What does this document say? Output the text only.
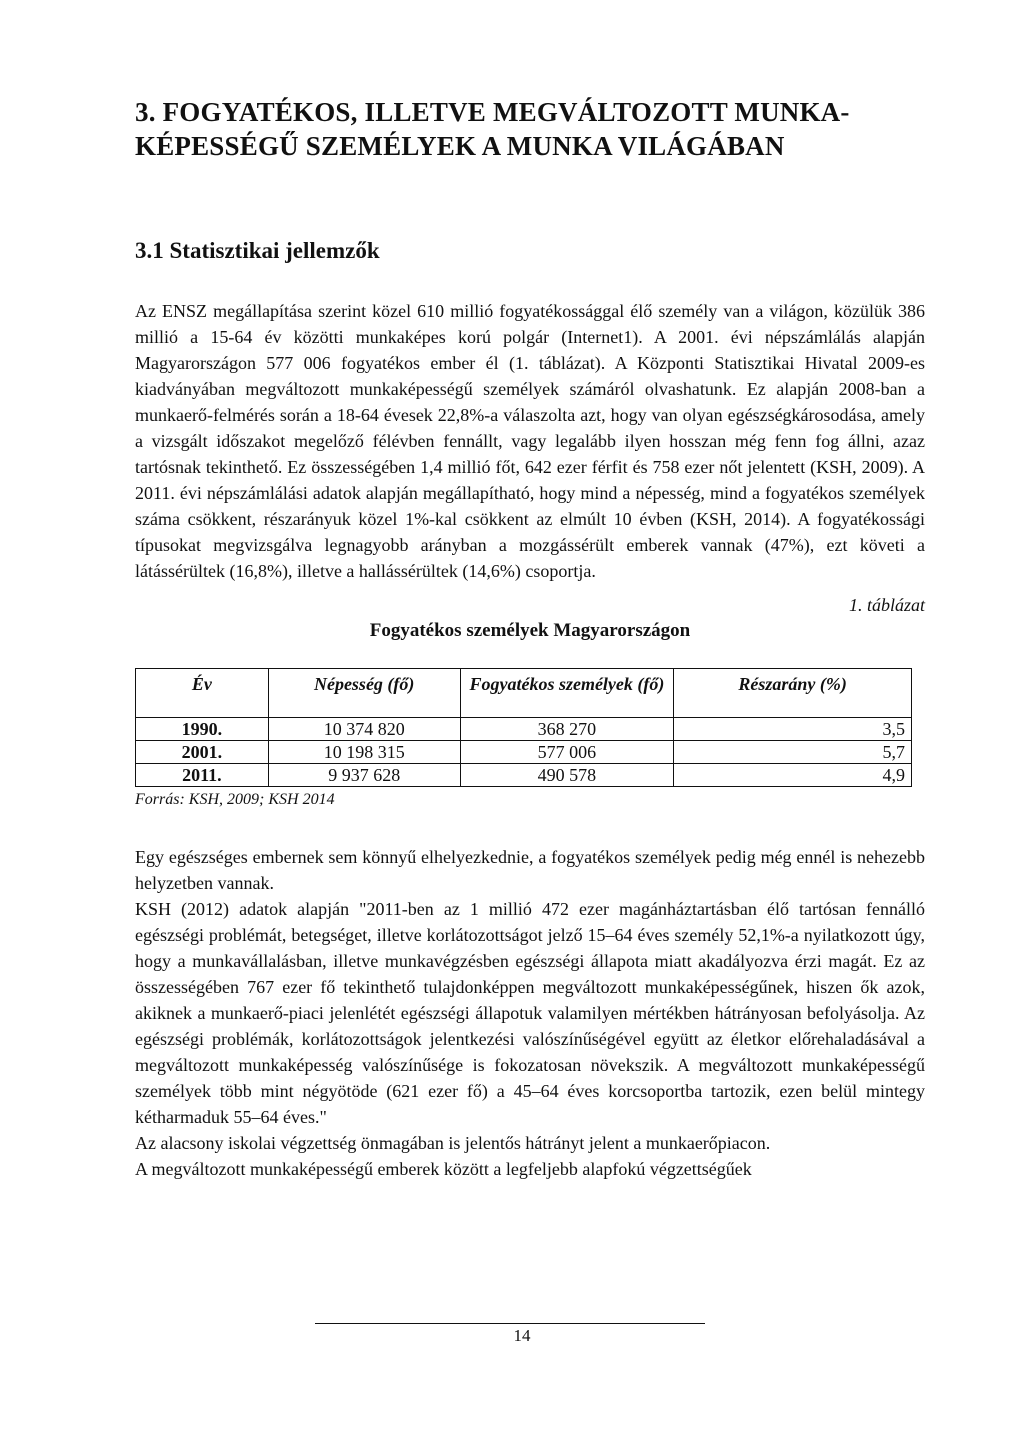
3. FOGYATÉKOS, ILLETVE MEGVÁLTOZOTT MUNKA-
KÉPESSÉGŰ SZEMÉLYEK A MUNKA VILÁGÁBAN
3.1 Statisztikai jellemzők

Az ENSZ megállapítása szerint közel 610 millió fogyatékossággal élő személy van a világon, közülük 386 millió a 15-64 év közötti munkaképes korú polgár (Internet1). A 2001. évi népszámlálás alapján Magyarországon 577 006 fogyatékos ember él (1. táblázat). A Központi Statisztikai Hivatal 2009-es kiadványában megváltozott munkaképességű személyek számáról olvashatunk. Ez alapján 2008-ban a munkaerő-felmérés során a 18-64 évesek 22,8%-a válaszolta azt, hogy van olyan egészségkárosodása, amely a vizsgált időszakot megelőző félévben fennállt, vagy legalább ilyen hosszan még fenn fog állni, azaz tartósnak tekinthető. Ez összességében 1,4 millió főt, 642 ezer férfit és 758 ezer nőt jelentett (KSH, 2009). A 2011. évi népszámlálási adatok alapján megállapítható, hogy mind a népesség, mind a fogyatékos személyek száma csökkent, részarányuk közel 1%-kal csökkent az elmúlt 10 évben (KSH, 2014). A fogyatékossági típusokat megvizsgálva legnagyobb arányban a mozgássérült emberek vannak (47%), ezt követi a látássérültek (16,8%), illetve a hallássérültek (14,6%) csoportja.

1. táblázat
Fogyatékos személyek Magyarországon
Év	Népesség (fő)	Fogyatékos személyek (fő)	Részarány (%)
1990.	10 374 820	368 270	3,5
2001.	10 198 315	577 006	5,7
2011.	9 937 628	490 578	4,9
Forrás: KSH, 2009; KSH 2014

Egy egészséges embernek sem könnyű elhelyezkednie, a fogyatékos személyek pedig még ennél is nehezebb helyzetben vannak.

KSH (2012) adatok alapján "2011-ben az 1 millió 472 ezer magánháztartásban élő tartósan fennálló egészségi problémát, betegséget, illetve korlátozottságot jelző 15–64 éves személy 52,1%-a nyilatkozott úgy, hogy a munkavállalásban, illetve munkavégzésben egészségi állapota miatt akadályozva érzi magát. Ez az összességében 767 ezer fő tekinthető tulajdonképpen megváltozott munkaképességűnek, hiszen ők azok, akiknek a munkaerő-piaci jelenlétét egészségi állapotuk valamilyen mértékben hátrányosan befolyásolja. Az egészségi problémák, korlátozottságok jelentkezési valószínűségével együtt az életkor előrehaladásával a megváltozott munkaképesség valószínűsége is fokozatosan növekszik. A megváltozott munkaképességű személyek több mint négyötöde (621 ezer fő) a 45–64 éves korcsoportba tartozik, ezen belül mintegy kétharmaduk 55–64 éves."

Az alacsony iskolai végzettség önmagában is jelentős hátrányt jelent a munkaerőpiacon.

A megváltozott munkaképességű emberek között a legfeljebb alapfokú végzettségűek

14
